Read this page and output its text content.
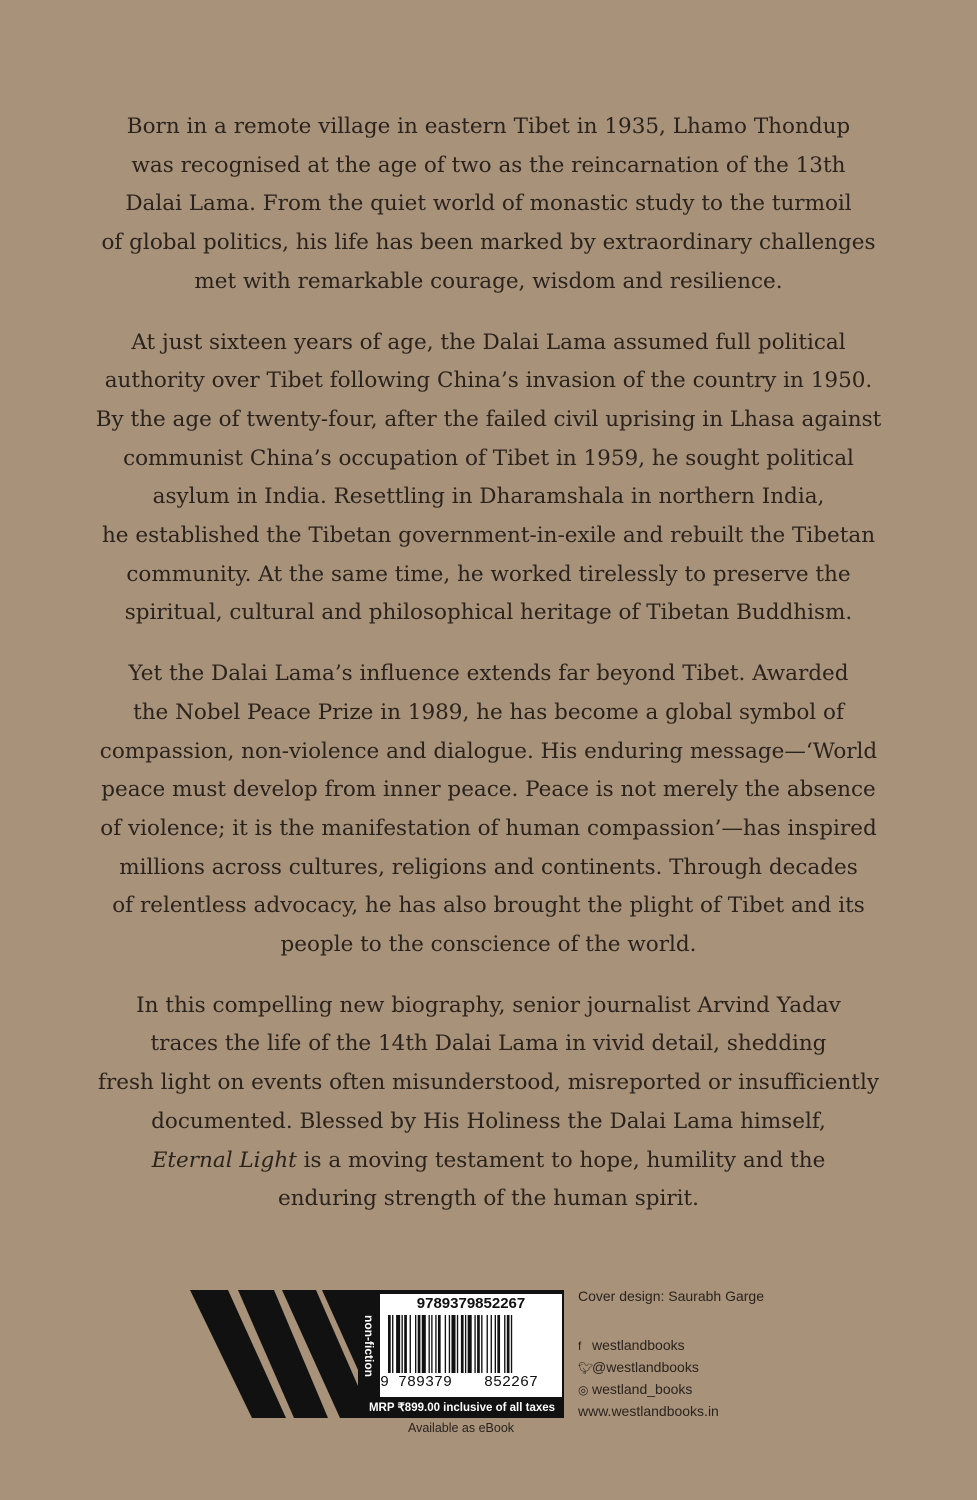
Born in a remote village in eastern Tibet in 1935, Lhamo Thondup
was recognised at the age of two as the reincarnation of the 13th
Dalai Lama. From the quiet world of monastic study to the turmoil
of global politics, his life has been marked by extraordinary challenges
met with remarkable courage, wisdom and resilience.

At just sixteen years of age, the Dalai Lama assumed full political
authority over Tibet following China’s invasion of the country in 1950.
By the age of twenty-four, after the failed civil uprising in Lhasa against
communist China’s occupation of Tibet in 1959, he sought political
asylum in India. Resettling in Dharamshala in northern India,
he established the Tibetan government-in-exile and rebuilt the Tibetan
community. At the same time, he worked tirelessly to preserve the
spiritual, cultural and philosophical heritage of Tibetan Buddhism.

Yet the Dalai Lama’s influence extends far beyond Tibet. Awarded
the Nobel Peace Prize in 1989, he has become a global symbol of
compassion, non-violence and dialogue. His enduring message—‘World
peace must develop from inner peace. Peace is not merely the absence
of violence; it is the manifestation of human compassion’—has inspired
millions across cultures, religions and continents. Through decades
of relentless advocacy, he has also brought the plight of Tibet and its
people to the conscience of the world.

In this compelling new biography, senior journalist Arvind Yadav
traces the life of the 14th Dalai Lama in vivid detail, shedding
fresh light on events often misunderstood, misreported or insufficiently
documented. Blessed by His Holiness the Dalai Lama himself,
Eternal Light is a moving testament to hope, humility and the
enduring strength of the human spirit.

non-fiction
9789379852267
9 789379 852267
MRP ₹899.00 inclusive of all taxes
Available as eBook
Cover design: Saurabh Garge
f westlandbooks
🐦︎@westlandbooks
◎ westland_books
www.westlandbooks.in
